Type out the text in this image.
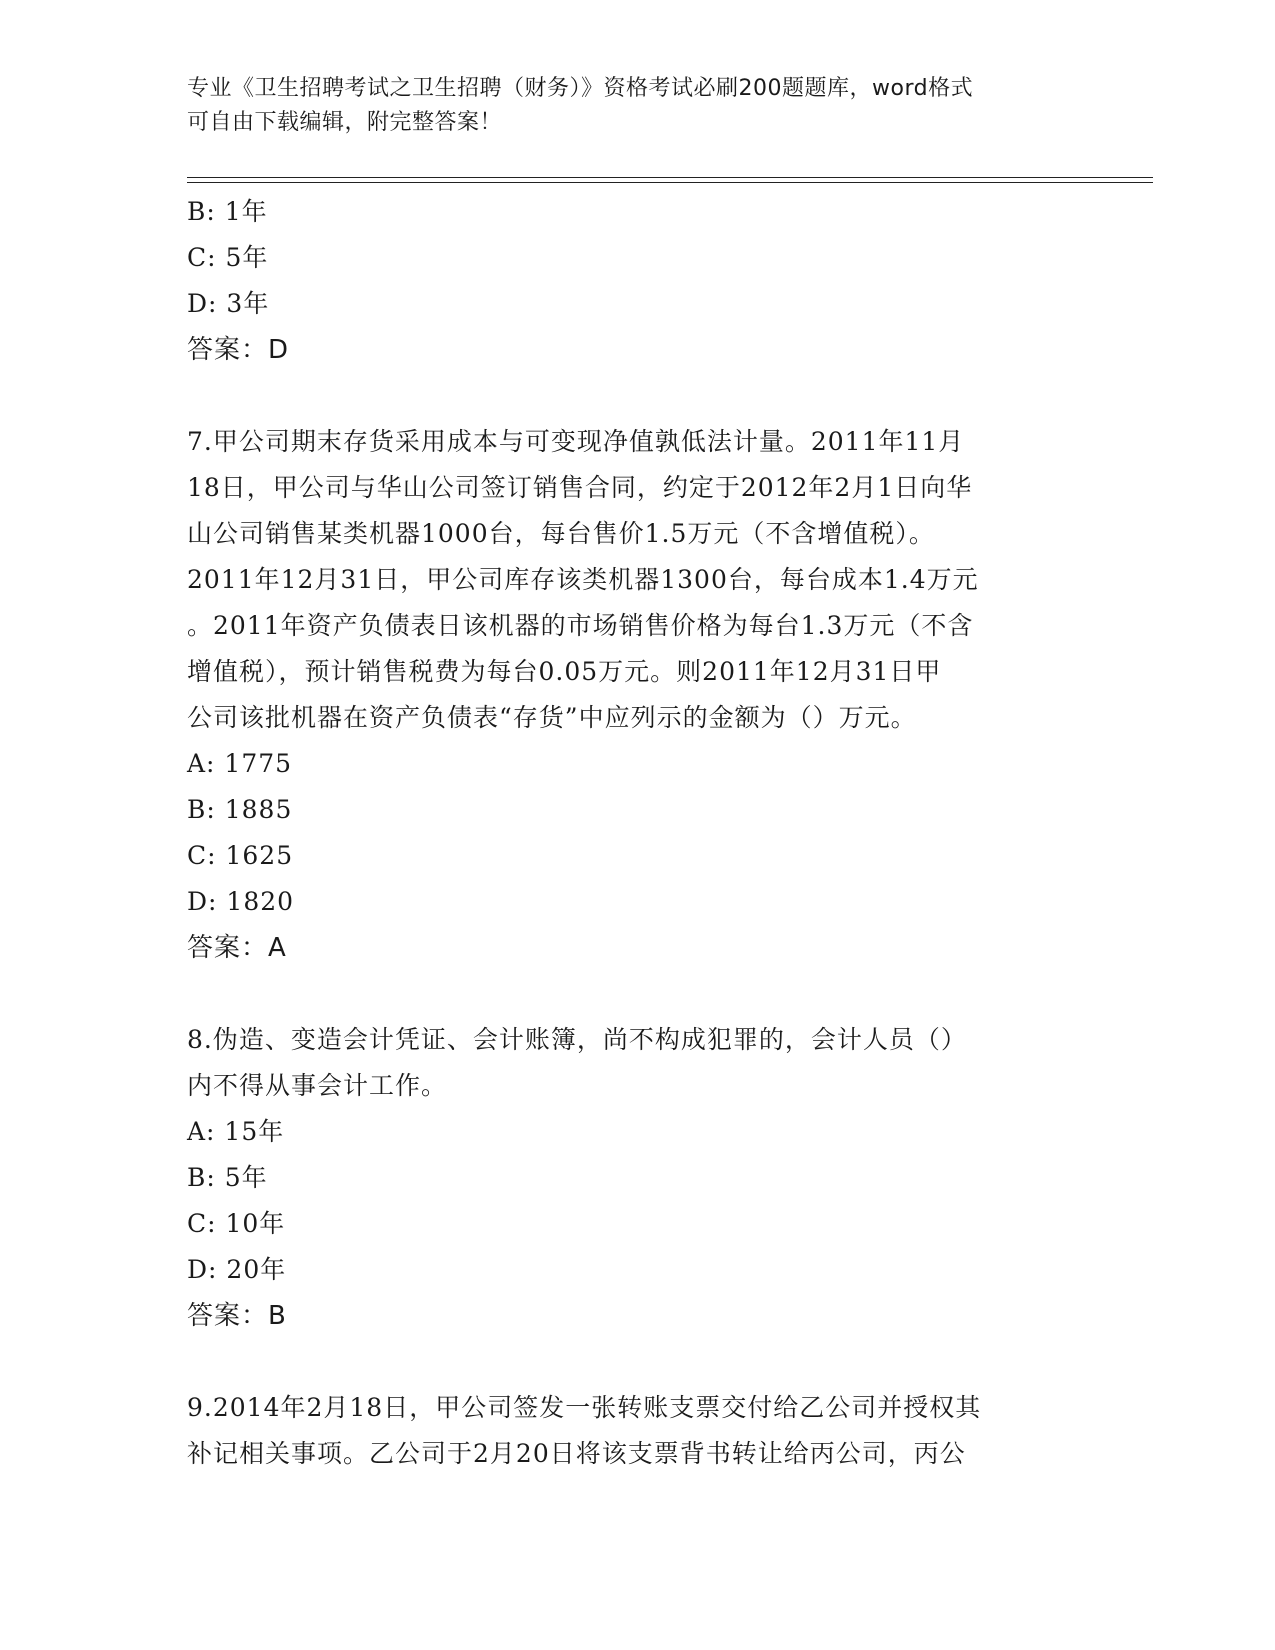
专业《卫生招聘考试之卫生招聘（财务）》资格考试必刷200题题库，word格式
可自由下载编辑，附完整答案！
B: 1年
C: 5年
D: 3年
答案：D
7.甲公司期末存货采用成本与可变现净值孰低法计量。2011年11月
18日，甲公司与华山公司签订销售合同，约定于2012年2月1日向华
山公司销售某类机器1000台，每台售价1.5万元（不含增值税）。
2011年12月31日，甲公司库存该类机器1300台，每台成本1.4万元
。2011年资产负债表日该机器的市场销售价格为每台1.3万元（不含
增值税），预计销售税费为每台0.05万元。则2011年12月31日甲
公司该批机器在资产负债表“存货”中应列示的金额为（）万元。
A: 1775
B: 1885
C: 1625
D: 1820
答案：A
8.伪造、变造会计凭证、会计账簿，尚不构成犯罪的，会计人员（）
内不得从事会计工作。
A: 15年
B: 5年
C: 10年
D: 20年
答案：B
9.2014年2月18日，甲公司签发一张转账支票交付给乙公司并授权其
补记相关事项。乙公司于2月20日将该支票背书转让给丙公司，丙公
